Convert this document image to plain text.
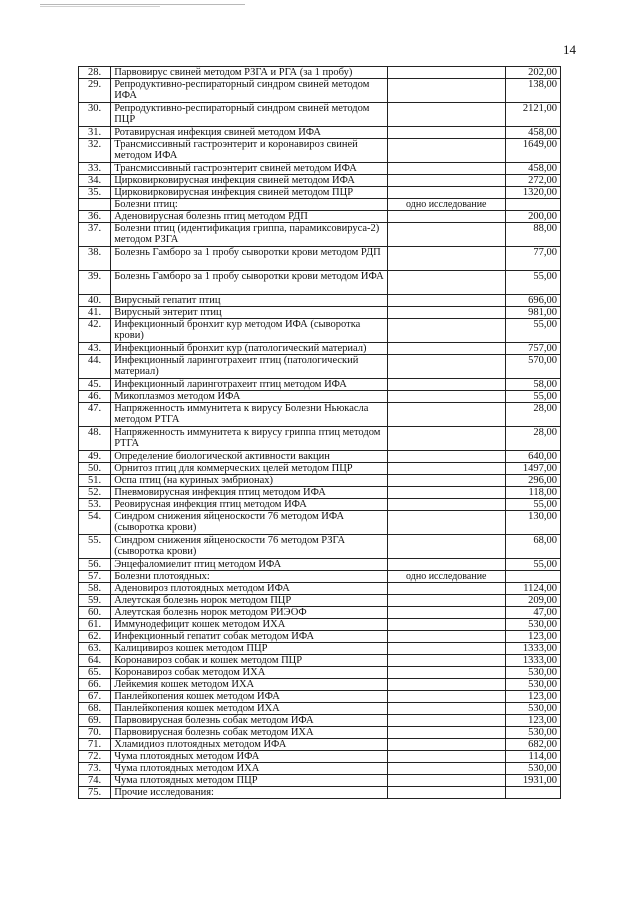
14
28.	Парвовирус свиней методом РЗГА и РГА (за 1 пробу)		202,00
29.	Репродуктивно-респираторный синдром свиней методом ИФА		138,00
30.	Репродуктивно-респираторный синдром свиней методом ПЦР		2121,00
31.	Ротавирусная инфекция свиней методом ИФА		458,00
32.	Трансмиссивный гастроэнтерит и коронавироз свиней методом ИФА		1649,00
33.	Трансмиссивный гастроэнтерит свиней методом ИФА		458,00
34.	Цирковирковирусная инфекция свиней методом ИФА		272,00
35.	Цирковирковирусная инфекция свиней методом ПЦР		1320,00
	Болезни птиц:	одно исследование	
36.	Аденовирусная болезнь птиц методом РДП		200,00
37.	Болезни птиц (идентификация гриппа, парамиксовируса-2) методом РЗГА		88,00
38.	Болезнь Гамборо за 1 пробу сыворотки крови методом РДП		77,00
39.	Болезнь Гамборо за 1 пробу сыворотки крови методом ИФА		55,00
40.	Вирусный гепатит птиц		696,00
41.	Вирусный энтерит птиц		981,00
42.	Инфекционный бронхит кур методом ИФА (сыворотка крови)		55,00
43.	Инфекционный бронхит кур (патологический материал)		757,00
44.	Инфекционный ларинготрахеит птиц (патологический материал)		570,00
45.	Инфекционный ларинготрахеит птиц методом ИФА		58,00
46.	Микоплазмоз методом ИФА		55,00
47.	Напряженность иммунитета к вирусу Болезни Ньюкасла методом РТГА		28,00
48.	Напряженность иммунитета к вирусу гриппа птиц методом РТГА		28,00
49.	Определение биологической активности вакцин		640,00
50.	Орнитоз птиц для коммерческих целей методом ПЦР		1497,00
51.	Оспа птиц (на куриных эмбрионах)		296,00
52.	Пневмовирусная инфекция птиц методом ИФА		118,00
53.	Реовирусная инфекция птиц методом ИФА		55,00
54.	Синдром снижения яйценоскости 76 методом ИФА (сыворотка крови)		130,00
55.	Синдром снижения яйценоскости 76 методом РЗГА (сыворотка крови)		68,00
56.	Энцефаломиелит птиц методом ИФА		55,00
57.	Болезни плотоядных:	одно исследование	
58.	Аденовироз плотоядных методом ИФА		1124,00
59.	Алеутская болезнь норок методом ПЦР		209,00
60.	Алеутская болезнь норок методом РИЭОФ		47,00
61.	Иммунодефицит кошек методом ИХА		530,00
62.	Инфекционный гепатит собак методом ИФА		123,00
63.	Калицивироз кошек методом ПЦР		1333,00
64.	Коронавироз собак и кошек методом ПЦР		1333,00
65.	Коронавироз собак методом ИХА		530,00
66.	Лейкемия кошек методом ИХА		530,00
67.	Панлейкопения кошек методом ИФА		123,00
68.	Панлейкопения кошек методом ИХА		530,00
69.	Парвовирусная болезнь собак методом ИФА		123,00
70.	Парвовирусная болезнь собак методом ИХА		530,00
71.	Хламидиоз плотоядных методом ИФА		682,00
72.	Чума плотоядных методом ИФА		114,00
73.	Чума плотоядных методом ИХА		530,00
74.	Чума плотоядных методом ПЦР		1931,00
75.	Прочие исследования:		
